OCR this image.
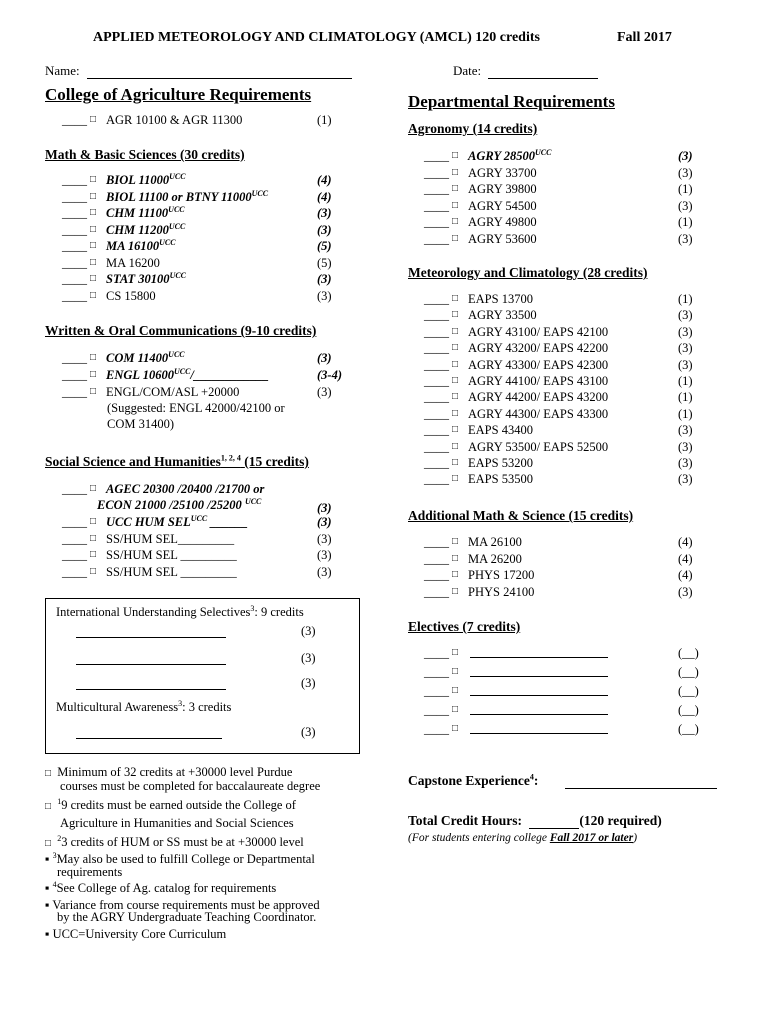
APPLIED METEOROLOGY AND CLIMATOLOGY (AMCL) 120 credits	Fall 2017
Name:	Date:
College of Agriculture Requirements
____ □ AGR 10100 & AGR 11300	(1)
Math & Basic Sciences (30 credits)
____ □ BIOL $11000^{UCC}$	(4)
____ □ BIOL 11100 or BTNY $11000^{UCC}$	(4)
____ □ CHM $11100^{UCC}$	(3)
____ □ CHM $11200^{UCC}$	(3)
____ □ MA $16100^{UCC}$	(5)
____ □ MA 16200	(5)
____ □ STAT $30100^{UCC}$	(3)
____ □ CS 15800	(3)
Written & Oral Communications (9-10 credits)
____ □ COM $11400^{UCC}$	(3)
____ □ ENGL $10600^{UCC}/\_\_\_\_\_\_\_\_\_\_\_\_$	(3-4)
____ □ ENGL/COM/ASL +20000	(3)
(Suggested: ENGL 42000/42100 or
COM 31400)
Social Science and Humanities$^{1, 2, 4}$ (15 credits)
____ □ AGEC 20300 /20400 /21700 or
ECON 21000 /25100 /25200 $^{UCC}$	(3)
____ □ UCC HUM $SEL^{UCC}$ ______	(3)
____ □ SS/HUM SEL_________	(3)
____ □ SS/HUM SEL _________	(3)
____ □ SS/HUM SEL _________	(3)
International Understanding Selectives$^3$: 9 credits
(3)
(3)
(3)
Multicultural Awareness$^3$: 3 credits
(3)
□ Minimum of 32 credits at +30000 level Purdue
courses must be completed for baccalaureate degree
□ $^1$9 credits must be earned outside the College of
Agriculture in Humanities and Social Sciences
□ $^2$3 credits of HUM or SS must be at +30000 level
▪ $^3$May also be used to fulfill College or Departmental
requirements
▪ $^4$See College of Ag. catalog for requirements
▪ Variance from course requirements must be approved
by the AGRY Undergraduate Teaching Coordinator.
▪ UCC=University Core Curriculum
Departmental Requirements
Agronomy (14 credits)
____ □ AGRY $28500^{UCC}$	(3)
____ □ AGRY 33700	(3)
____ □ AGRY 39800	(1)
____ □ AGRY 54500	(3)
____ □ AGRY 49800	(1)
____ □ AGRY 53600	(3)
Meteorology and Climatology (28 credits)
____ □ EAPS 13700	(1)
____ □ AGRY 33500	(3)
____ □ AGRY 43100/ EAPS 42100	(3)
____ □ AGRY 43200/ EAPS 42200	(3)
____ □ AGRY 43300/ EAPS 42300	(3)
____ □ AGRY 44100/ EAPS 43100	(1)
____ □ AGRY 44200/ EAPS 43200	(1)
____ □ AGRY 44300/ EAPS 43300	(1)
____ □ EAPS 43400	(3)
____ □ AGRY 53500/ EAPS 52500	(3)
____ □ EAPS 53200	(3)
____ □ EAPS 53500	(3)
Additional Math & Science (15 credits)
____ □ MA 26100	(4)
____ □ MA 26200	(4)
____ □ PHYS 17200	(4)
____ □ PHYS 24100	(3)
Electives (7 credits)
____ □	(__)
____ □	(__)
____ □	(__)
____ □	(__)
____ □	(__)
Capstone Experience$^4$:
Total Credit Hours:	(120 required)
(For students entering college Fall 2017 or later)
